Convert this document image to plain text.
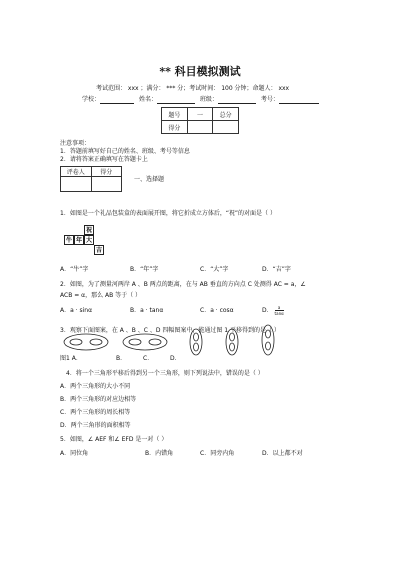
** 科目模拟测试
考试范围： xxx ；满分： *** 分；考试时间： 100 分钟；命题人： xxx
学校：	姓名：	班级：	考号：
题号	一	总分
得分		
注意事项：
1．答题前填写好自己的姓名、班级、考号等信息
2．请将答案正确填写在答题卡上
评卷人	得分

一、选择题
1．如图是一个礼品包装盒的表面展开图，将它折成立方体后，“祝”的对面是（ ）
祝
牛 年 大
吉
A．“牛”字	B．“年”字	C．“大”字	D．“吉”字
2．如图，为了测量河两岸 A 、B 两点的距离，在与 AB 垂直的方向点 C 处测得 AC = a，∠
ACB = α，那么 AB 等于（ ）
A．a · sinα	B．a · tanα	C．a · cosα	D． $\frac{a}{\tan\alpha}$
3．观察下面图案，在 A 、B 、C 、D 四幅图案中，能通过图 1 平移得到的是（ ）
图1 A．	B．	C．	D．
4．将一个三角形平移后得到另一个三角形，则下列说法中，错误的是（ ）
A．两个三角形的大小不同
B．两个三角形的对应边相等
C．两个三角形的周长相等
D．两个三角形的面积相等
5．如图，∠ AEF 和∠ EFD 是一对（ ）
A．同位角	B．内错角	C．同旁内角	D．以上都不对
